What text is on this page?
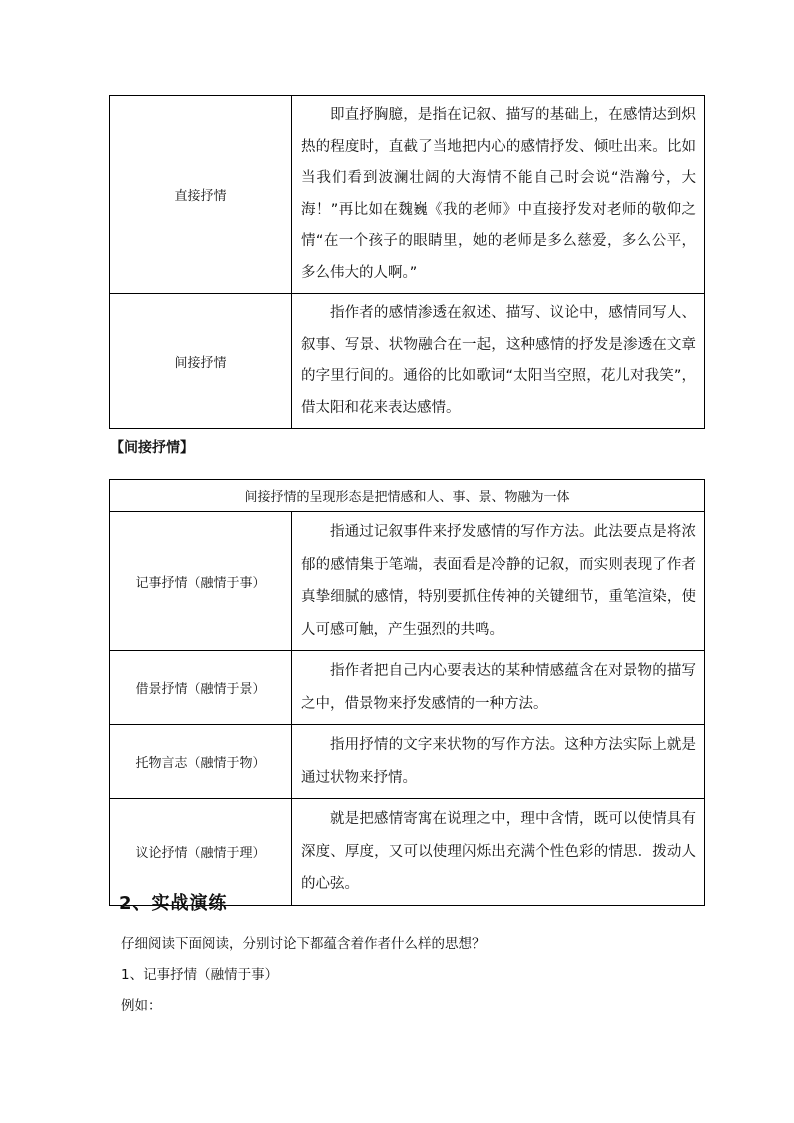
直接抒情	即直抒胸臆，是指在记叙、描写的基础上，在感情达到炽热的程度时，直截了当地把内心的感情抒发、倾吐出来。比如当我们看到波澜壮阔的大海情不能自己时会说“浩瀚兮，大海！”再比如在魏巍《我的老师》中直接抒发对老师的敬仰之情“在一个孩子的眼睛里，她的老师是多么慈爱，多么公平，多么伟大的人啊。”
间接抒情	指作者的感情渗透在叙述、描写、议论中，感情同写人、叙事、写景、状物融合在一起，这种感情的抒发是渗透在文章的字里行间的。通俗的比如歌词“太阳当空照，花儿对我笑”，借太阳和花来表达感情。
【间接抒情】
间接抒情的呈现形态是把情感和人、事、景、物融为一体	
记事抒情（融情于事）	指通过记叙事件来抒发感情的写作方法。此法要点是将浓郁的感情集于笔端，表面看是冷静的记叙，而实则表现了作者真挚细腻的感情，特别要抓住传神的关键细节，重笔渲染，使人可感可触，产生强烈的共鸣。
借景抒情（融情于景）	指作者把自己内心要表达的某种情感蕴含在对景物的描写之中，借景物来抒发感情的一种方法。
托物言志（融情于物）	指用抒情的文字来状物的写作方法。这种方法实际上就是通过状物来抒情。
议论抒情（融情于理）	就是把感情寄寓在说理之中，理中含情，既可以使情具有深度、厚度，又可以使理闪烁出充满个性色彩的情思．拨动人的心弦。
2、实战演练
仔细阅读下面阅读，分别讨论下都蕴含着作者什么样的思想？
1、记事抒情（融情于事）
例如：
